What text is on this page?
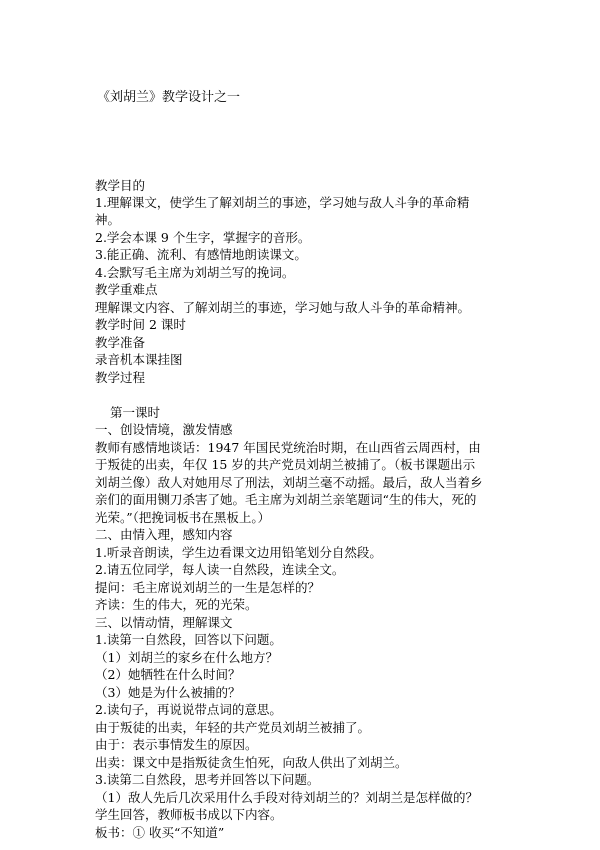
《刘胡兰》教学设计之一
教学目的
1.理解课文，使学生了解刘胡兰的事迹，学习她与敌人斗争的革命精
神。
2.学会本课 9 个生字，掌握字的音形。
3.能正确、流利、有感情地朗读课文。
4.会默写毛主席为刘胡兰写的挽词。
教学重难点
理解课文内容、了解刘胡兰的事迹，学习她与敌人斗争的革命精神。
教学时间 2 课时
教学准备
录音机本课挂图
教学过程
第一课时
一、创设情境，激发情感
教师有感情地谈话：1947 年国民党统治时期，在山西省云周西村，由
于叛徒的出卖，年仅 15 岁的共产党员刘胡兰被捕了。（板书课题出示
刘胡兰像）敌人对她用尽了刑法，刘胡兰毫不动摇。最后，敌人当着乡
亲们的面用铡刀杀害了她。毛主席为刘胡兰亲笔题词“生的伟大，死的
光荣。”（把挽词板书在黑板上。）
二、由情入理，感知内容
1.听录音朗读，学生边看课文边用铅笔划分自然段。
2.请五位同学，每人读一自然段，连读全文。
提问：毛主席说刘胡兰的一生是怎样的？
齐读：生的伟大，死的光荣。
三、以情动情，理解课文
1.读第一自然段，回答以下问题。
（1）刘胡兰的家乡在什么地方？
（2）她牺牲在什么时间？
（3）她是为什么被捕的？
2.读句子，再说说带点词的意思。
由于叛徒的出卖，年轻的共产党员刘胡兰被捕了。
由于：表示事情发生的原因。
出卖：课文中是指叛徒贪生怕死，向敌人供出了刘胡兰。
3.读第二自然段，思考并回答以下问题。
（1）敌人先后几次采用什么手段对待刘胡兰的？刘胡兰是怎样做的？
学生回答，教师板书成以下内容。
板书：① 收买“不知道”
